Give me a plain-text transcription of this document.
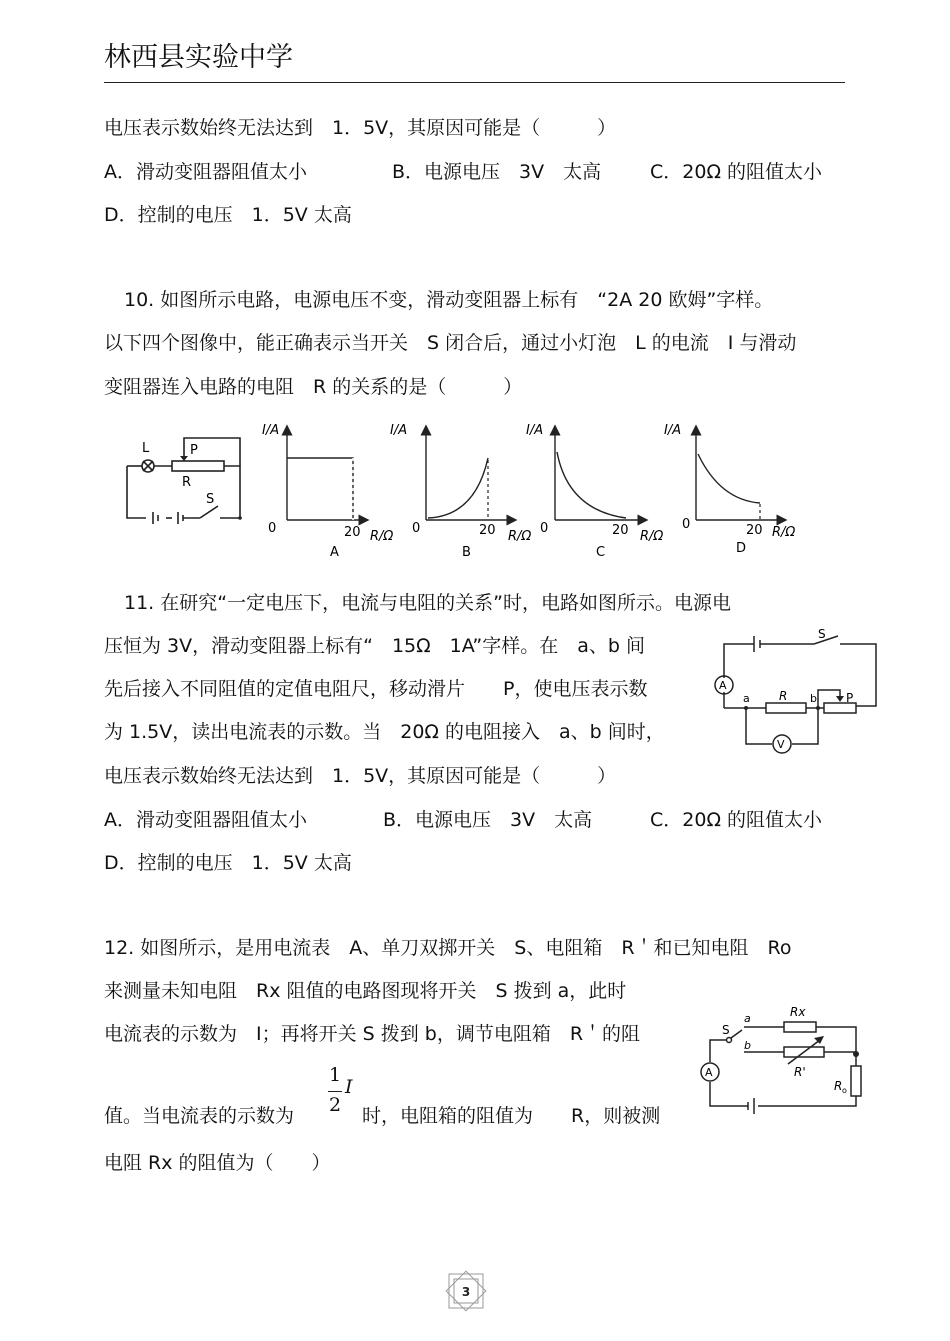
林西县实验中学
电压表示数始终无法达到　1．5V，其原因可能是（　　　）
A．滑动变阻器阻值太小	B．电源电压　3V　太高	C．20Ω 的阻值太小
D．控制的电压　1．5V 太高
10. 如图所示电路，电源电压不变，滑动变阻器上标有　“2A 20 欧姆”字样。
以下四个图像中，能正确表示当开关　S 闭合后，通过小灯泡　L 的电流　I 与滑动
变阻器连入电路的电阻　R 的关系的是（　　　）
L	P
R
S
I/A
0	20 R/Ω
A
I/A
0	20 R/Ω
B
I/A
0	20 R/Ω
C
I/A
0	20 R/Ω
D
11. 在研究“一定电压下，电流与电阻的关系”时，电路如图所示。电源电
压恒为 3V，滑动变阻器上标有“　15Ω　1A”字样。在　a、b 间
先后接入不同阻值的定值电阻尺，移动滑片　　P，使电压表示数
为 1.5V，读出电流表的示数。当　20Ω 的电阻接入　a、b 间时，
电压表示数始终无法达到　1．5V，其原因可能是（　　　）
A．滑动变阻器阻值太小	B．电源电压　3V　太高	C．20Ω 的阻值太小
D．控制的电压　1．5V 太高
S
A
V
a	b
R	P
12. 如图所示，是用电流表　A、单刀双掷开关　S、电阻箱　R＇和已知电阻　Ro
来测量未知电阻　Rx 阻值的电路图现将开关　S 拨到 a，此时
电流表的示数为　I；再将开关 S 拨到 b，调节电阻箱　R＇的阻
值。当电流表的示数为
1
2
I
时，电阻箱的阻值为　　R，则被测
电阻 Rx 的阻值为（　　）
S
a
b
Rx
R'
R o
A
3
